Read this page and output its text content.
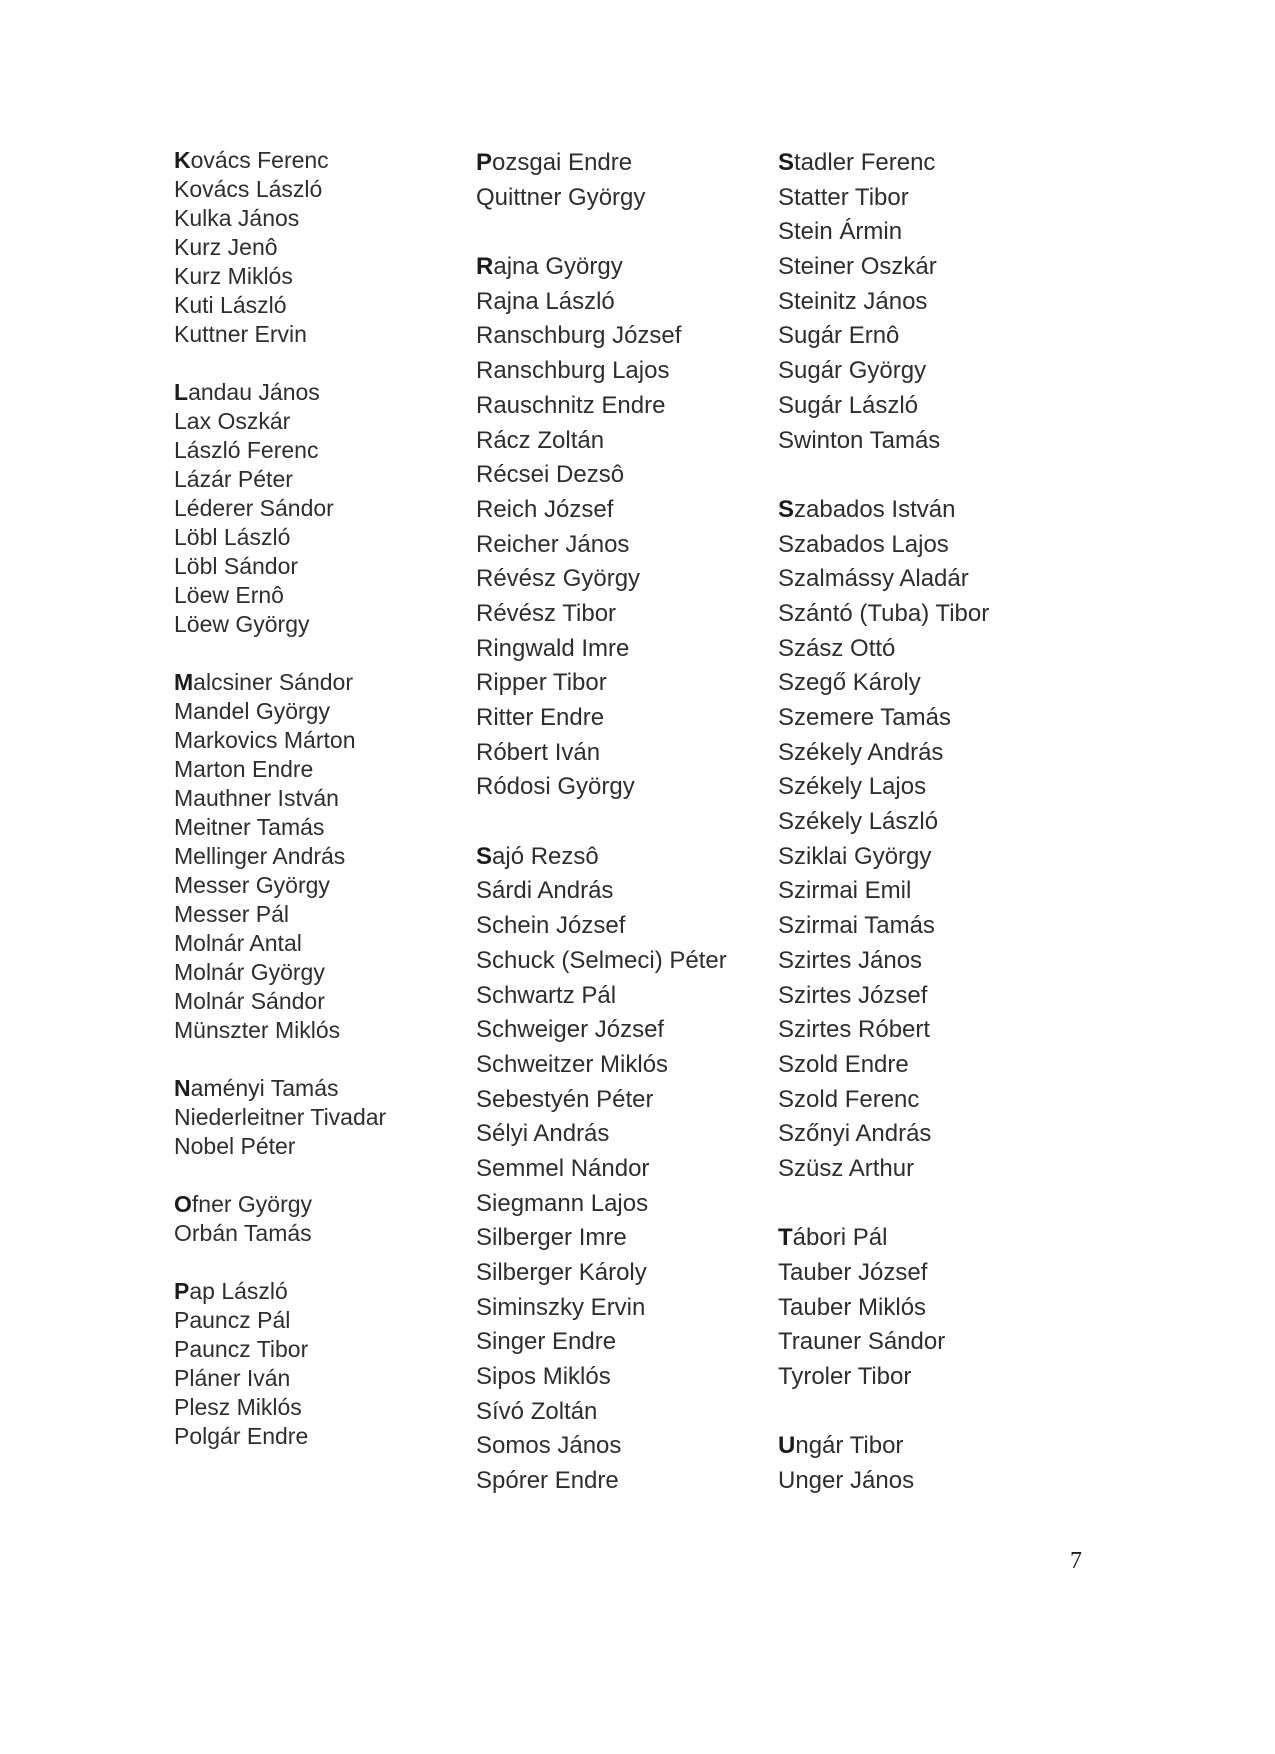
Kovács Ferenc
Kovács László
Kulka János
Kurz Jenô
Kurz Miklós
Kuti László
Kuttner Ervin
Landau János
Lax Oszkár
László Ferenc
Lázár Péter
Léderer Sándor
Löbl László
Löbl Sándor
Löew Ernô
Löew György
Malcsiner Sándor
Mandel György
Markovics Márton
Marton Endre
Mauthner István
Meitner Tamás
Mellinger András
Messer György
Messer Pál
Molnár Antal
Molnár György
Molnár Sándor
Münszter Miklós
Naményi Tamás
Niederleitner Tivadar
Nobel Péter
Ofner György
Orbán Tamás
Pap László
Pauncz Pál
Pauncz Tibor
Pláner Iván
Plesz Miklós
Polgár Endre
Pozsgai Endre
Quittner György
Rajna György
Rajna László
Ranschburg József
Ranschburg Lajos
Rauschnitz Endre
Rácz Zoltán
Récsei Dezsô
Reich József
Reicher János
Révész György
Révész Tibor
Ringwald Imre
Ripper Tibor
Ritter Endre
Róbert Iván
Ródosi György
Sajó Rezsô
Sárdi András
Schein József
Schuck (Selmeci) Péter
Schwartz Pál
Schweiger József
Schweitzer Miklós
Sebestyén Péter
Sélyi András
Semmel Nándor
Siegmann Lajos
Silberger Imre
Silberger Károly
Siminszky Ervin
Singer Endre
Sipos Miklós
Sívó Zoltán
Somos János
Spórer Endre
Stadler Ferenc
Statter Tibor
Stein Ármin
Steiner Oszkár
Steinitz János
Sugár Ernô
Sugár György
Sugár László
Swinton Tamás
Szabados István
Szabados Lajos
Szalmássy Aladár
Szántó (Tuba) Tibor
Szász Ottó
Szegő Károly
Szemere Tamás
Székely András
Székely Lajos
Székely László
Sziklai György
Szirmai Emil
Szirmai Tamás
Szirtes János
Szirtes József
Szirtes Róbert
Szold Endre
Szold Ferenc
Szőnyi András
Szüsz Arthur
Tábori Pál
Tauber József
Tauber Miklós
Trauner Sándor
Tyroler Tibor
Ungár Tibor
Unger János
7
